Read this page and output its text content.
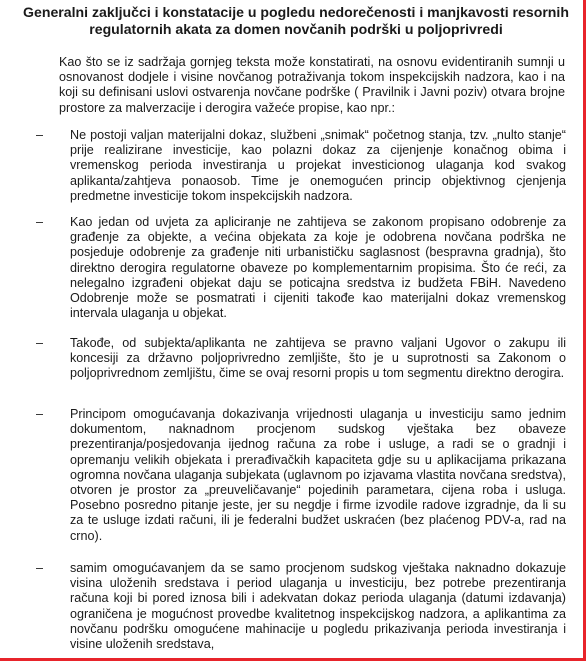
Generalni zaključci i konstatacije u pogledu nedorečenosti i manjkavosti resornih regulatornih akata za domen novčanih podrški u poljoprivredi

Kao što se iz sadržaja gornjeg teksta može konstatirati, na osnovu evidentiranih sumnji u osnovanost dodjele i visine novčanog potraživanja tokom inspekcijskih nadzora, kao i na koji su definisani uslovi ostvarenja novčane podrške ( Pravilnik i Javni poziv) otvara brojne prostore za malverzacije i derogira važeće propise, kao npr.:

– Ne postoji valjan materijalni dokaz, službeni „snimak“ početnog stanja, tzv. „nulto stanje“ prije realizirane investicije, kao polazni dokaz za cijenjenje konačnog obima i vremenskog perioda investiranja u projekat investicionog ulaganja kod svakog aplikanta/zahtjeva ponaosob. Time je onemogućen princip objektivnog cjenjenja predmetne investicije tokom inspekcijskih nadzora.

– Kao jedan od uvjeta za apliciranje ne zahtijeva se zakonom propisano odobrenje za građenje za objekte, a većina objekata za koje je odobrena novčana podrška ne posjeduje odobrenje za građenje niti urbanističku saglasnost (bespravna gradnja), što direktno derogira regulatorne obaveze po komplementarnim propisima. Što će reći, za nelegalno izgrađeni objekat daju se poticajna sredstva iz budžeta FBiH. Navedeno Odobrenje može se posmatrati i cijeniti takođe kao materijalni dokaz vremenskog intervala ulaganja u objekat.

– Takođe, od subjekta/aplikanta ne zahtijeva se pravno valjani Ugovor o zakupu ili koncesiji za državno poljoprivredno zemljište, što je u suprotnosti sa Zakonom o poljoprivrednom zemljištu, čime se ovaj resorni propis u tom segmentu direktno derogira.

– Principom omogućavanja dokazivanja vrijednosti ulaganja u investiciju samo jednim dokumentom, naknadnom procjenom sudskog vještaka bez obaveze prezentiranja/posjedovanja ijednog računa za robe i usluge, a radi se o gradnji i opremanju velikih objekata i prerađivačkih kapaciteta gdje su u aplikacijama prikazana ogromna novčana ulaganja subjekata (uglavnom po izjavama vlastita novčana sredstva), otvoren je prostor za „preuveličavanje“ pojedinih parametara, cijena roba i usluga. Posebno posredno pitanje jeste, jer su negdje i firme izvodile radove izgradnje, da li su za te usluge izdati računi, ili je federalni budžet uskraćen (bez plaćenog PDV-a, rad na crno).

– samim omogućavanjem da se samo procjenom sudskog vještaka naknadno dokazuje visina uloženih sredstava i period ulaganja u investiciju, bez potrebe prezentiranja računa koji bi pored iznosa bili i adekvatan dokaz perioda ulaganja (datumi izdavanja) ograničena je mogućnost provedbe kvalitetnog inspekcijskog nadzora, a aplikantima za novčanu podršku omogućene mahinacije u pogledu prikazivanja perioda investiranja i visine uloženih sredstava,
